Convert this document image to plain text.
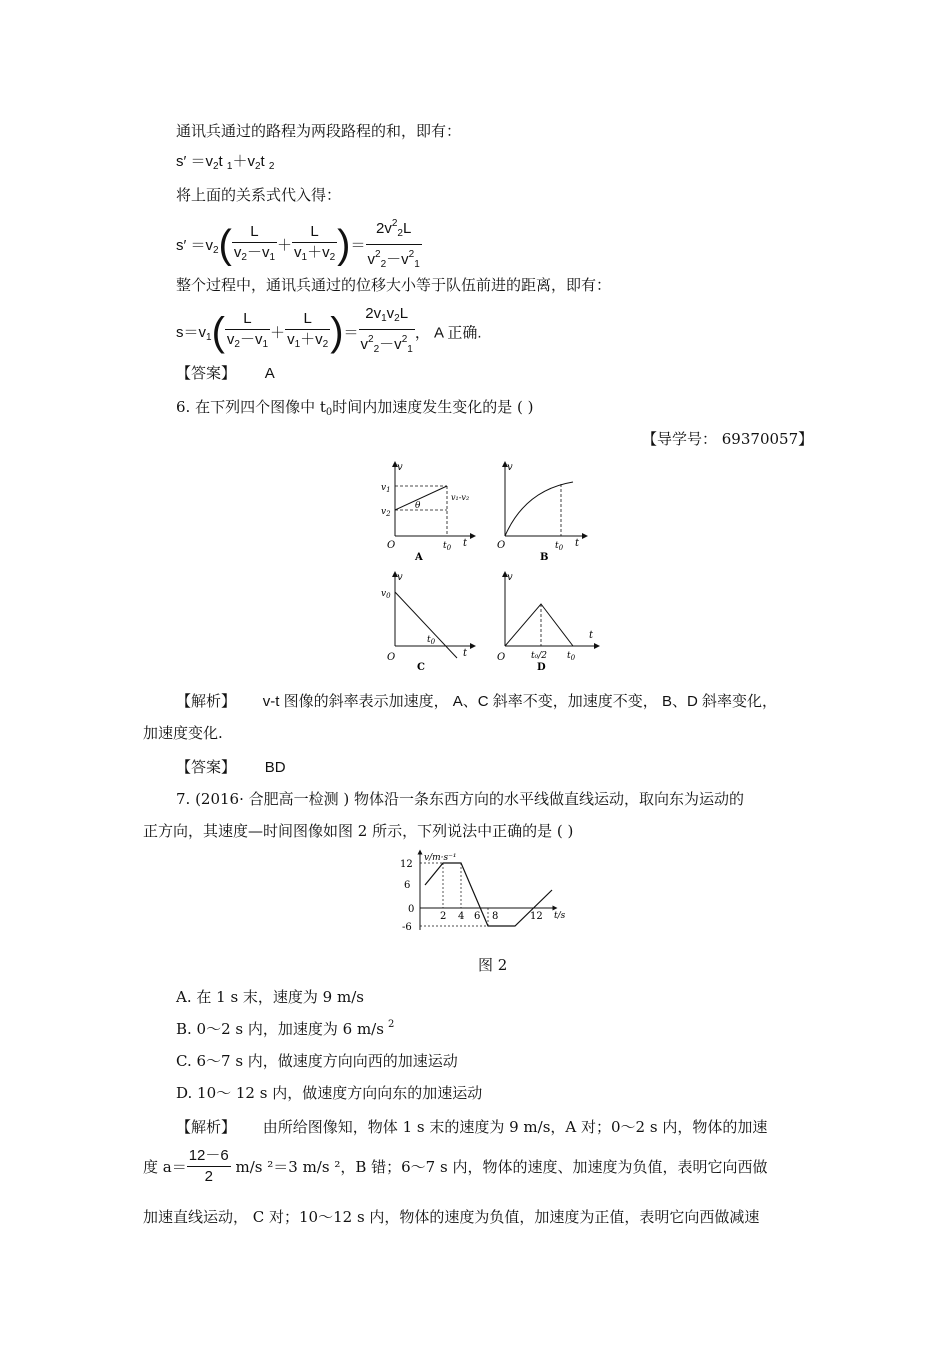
通讯兵通过的路程为两段路程的和，即有：
$s' =v_2t$ $_1+v_2t$ $_2$
将上面的关系式代入得：
$s' =v_2( \frac{L}{v_2-v_1} + \frac{L}{v_1+v_2}$ )＝ $\frac{2v^2_2L}{v^2_2-v^2_1}$
整个过程中，通讯兵通过的位移大小等于队伍前进的距离，即有：
$s=v_1( \frac{L}{v_2-v_1} + \frac{L}{v_1+v_2}$ )＝ $\frac{2v_1v_2L}{v^2_2-v^2_1}$ ， A 正确.
【答案】 A
6. 在下列四个图像中 $t_0$时间内加速度发生变化的是 ( )
【导学号： 69370057】
v
$v_1$
$v_2$
θ
v₁-v₂
O	$t_0$ t
A
v
O	$t_0$ t
B
v
$v_0$
O
$t_0$
t
C
v
O	t₀/2 $t_0$
t
D
【解析】 v-t 图像的斜率表示加速度， A、C 斜率不变，加速度不变， B、D 斜率变化，
加速度变化.
【答案】 BD
7. (2016· 合肥高一检测 ) 物体沿一条东西方向的水平线做直线运动，取向东为运动的
正方向，其速度—时间图像如图 2 所示，下列说法中正确的是 ( )
v/m·s⁻¹
12
6
0
-6
2 4 6 8	12 t/s
图 2
A. 在 1 s 末，速度为 9 m/s
B. 0～2 s 内，加速度为 6 m/s $^2$
C. 6～7 s 内，做速度方向向西的加速运动
D. 10～ 12 s 内，做速度方向向东的加速运动
【解析】 由所给图像知，物体 1 s 末的速度为 9 m/s，A 对；0～2 s 内，物体的加速
度 $a= \frac{12-6}{2} m/s$ ²＝3 m/s ²，B 错；6～7 s 内，物体的速度、加速度为负值，表明它向西做
加速直线运动， C 对；10～12 s 内，物体的速度为负值，加速度为正值，表明它向西做减速
